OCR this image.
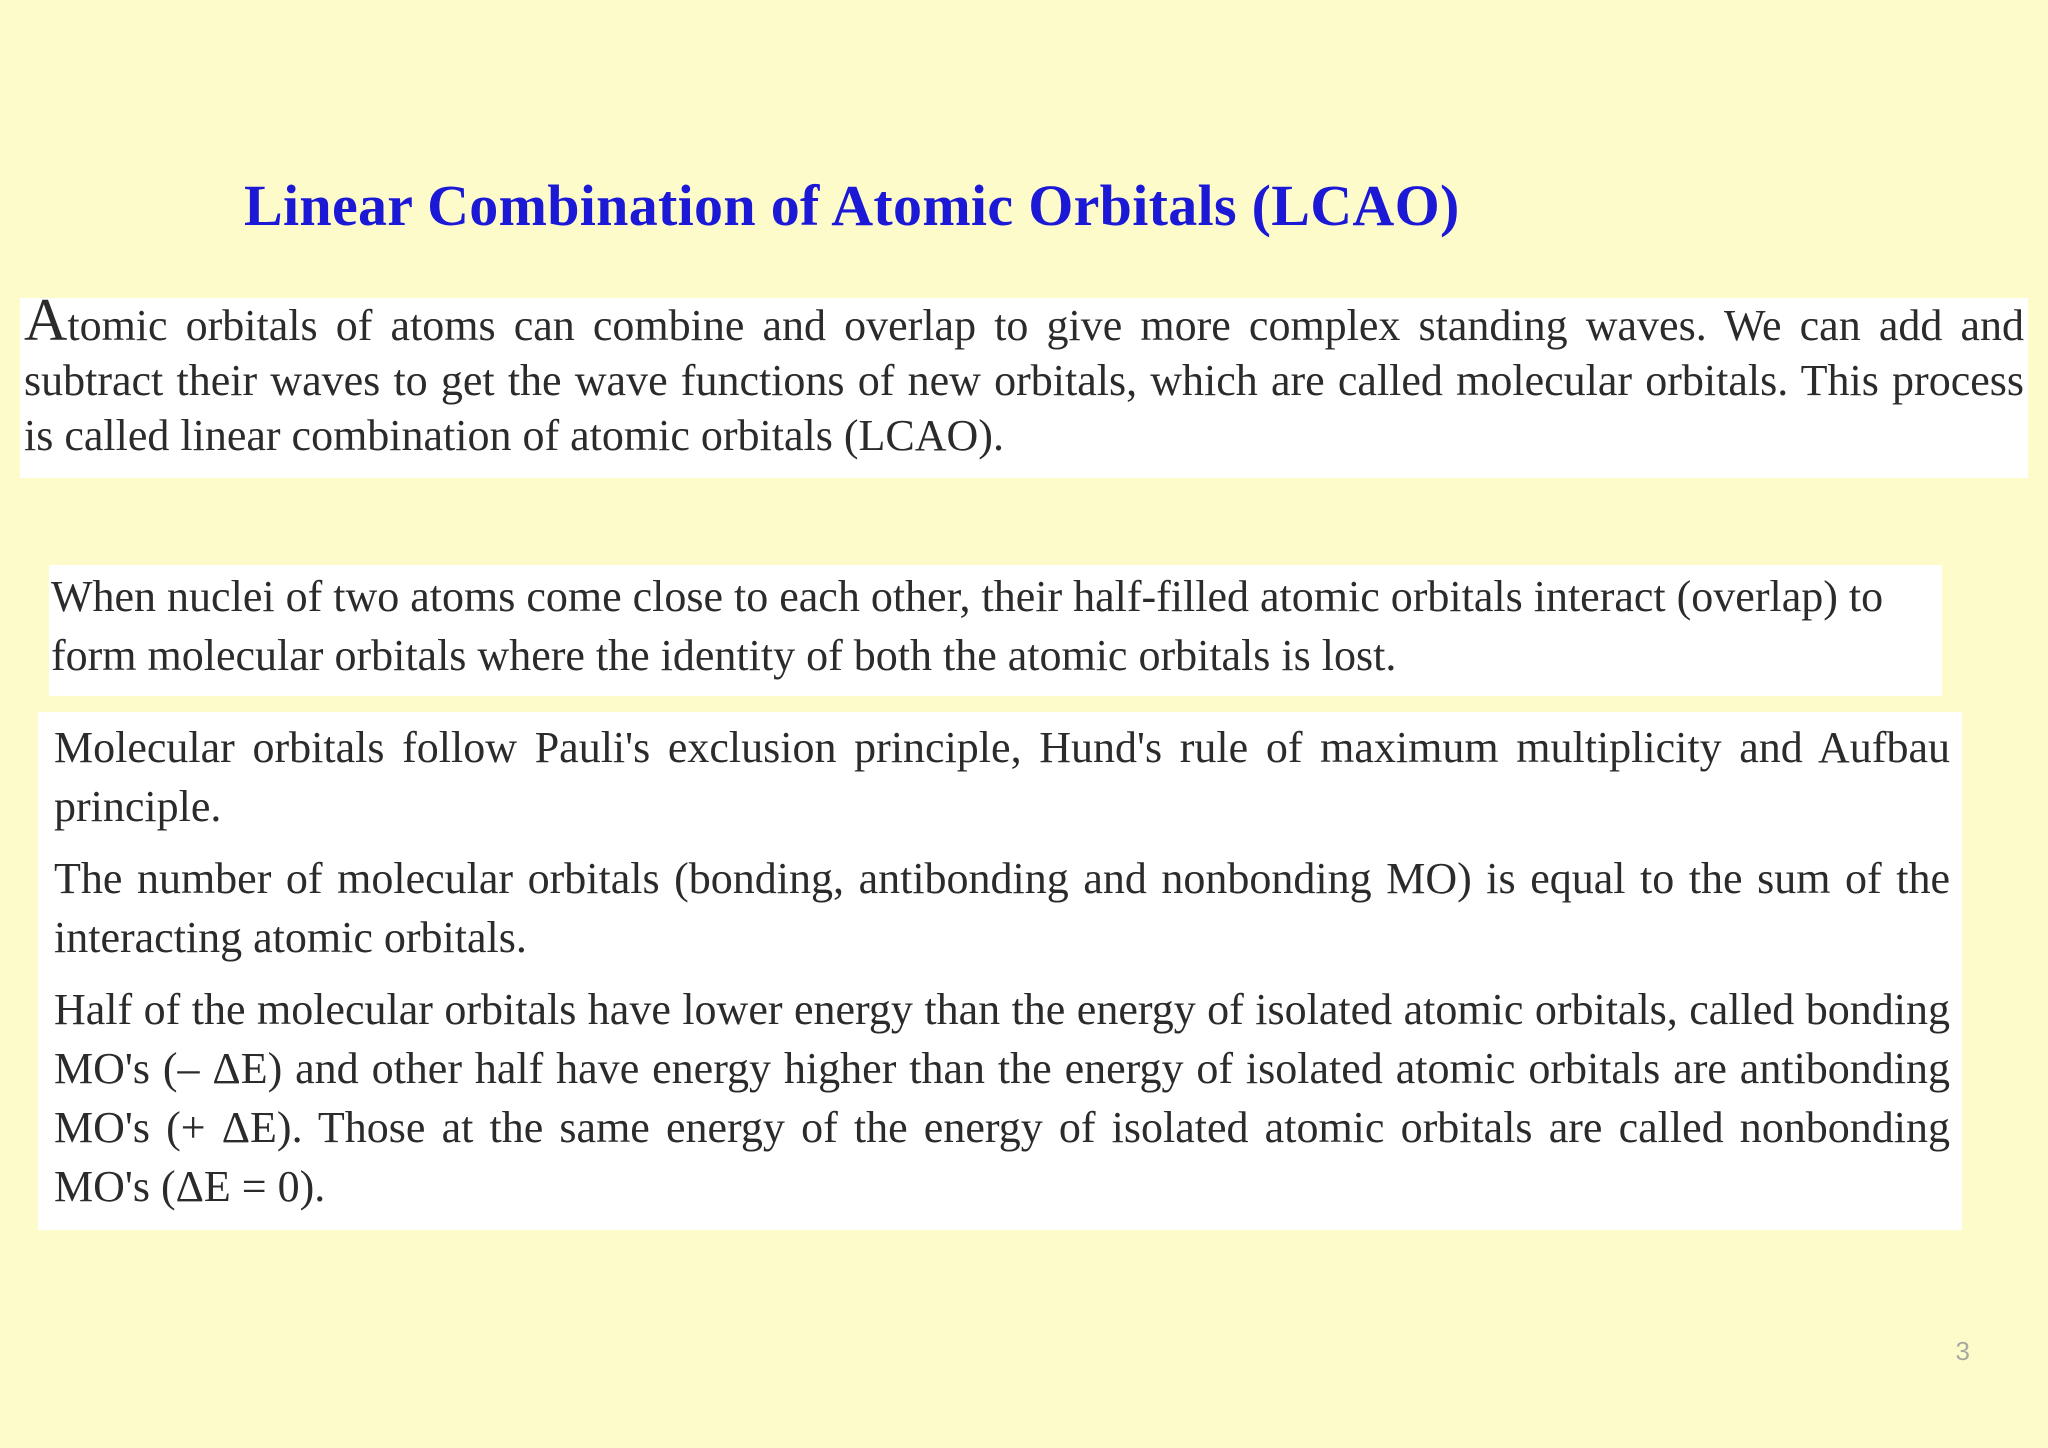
Linear Combination of Atomic Orbitals (LCAO)

Atomic orbitals of atoms can combine and overlap to give more complex standing waves. We can add and subtract their waves to get the wave functions of new orbitals, which are called molecular orbitals. This process is called linear combination of atomic orbitals (LCAO).

When nuclei of two atoms come close to each other, their half-filled atomic orbitals interact (overlap) to form molecular orbitals where the identity of both the atomic orbitals is lost.

Molecular orbitals follow Pauli's exclusion principle, Hund's rule of maximum multiplicity and Aufbau principle.

The number of molecular orbitals (bonding, antibonding and nonbonding MO) is equal to the sum of the interacting atomic orbitals.

Half of the molecular orbitals have lower energy than the energy of isolated atomic orbitals, called bonding MO's (– ΔE) and other half have energy higher than the energy of isolated atomic orbitals are antibonding MO's (+ ΔE). Those at the same energy of the energy of isolated atomic orbitals are called nonbonding MO's (ΔE = 0).

3
